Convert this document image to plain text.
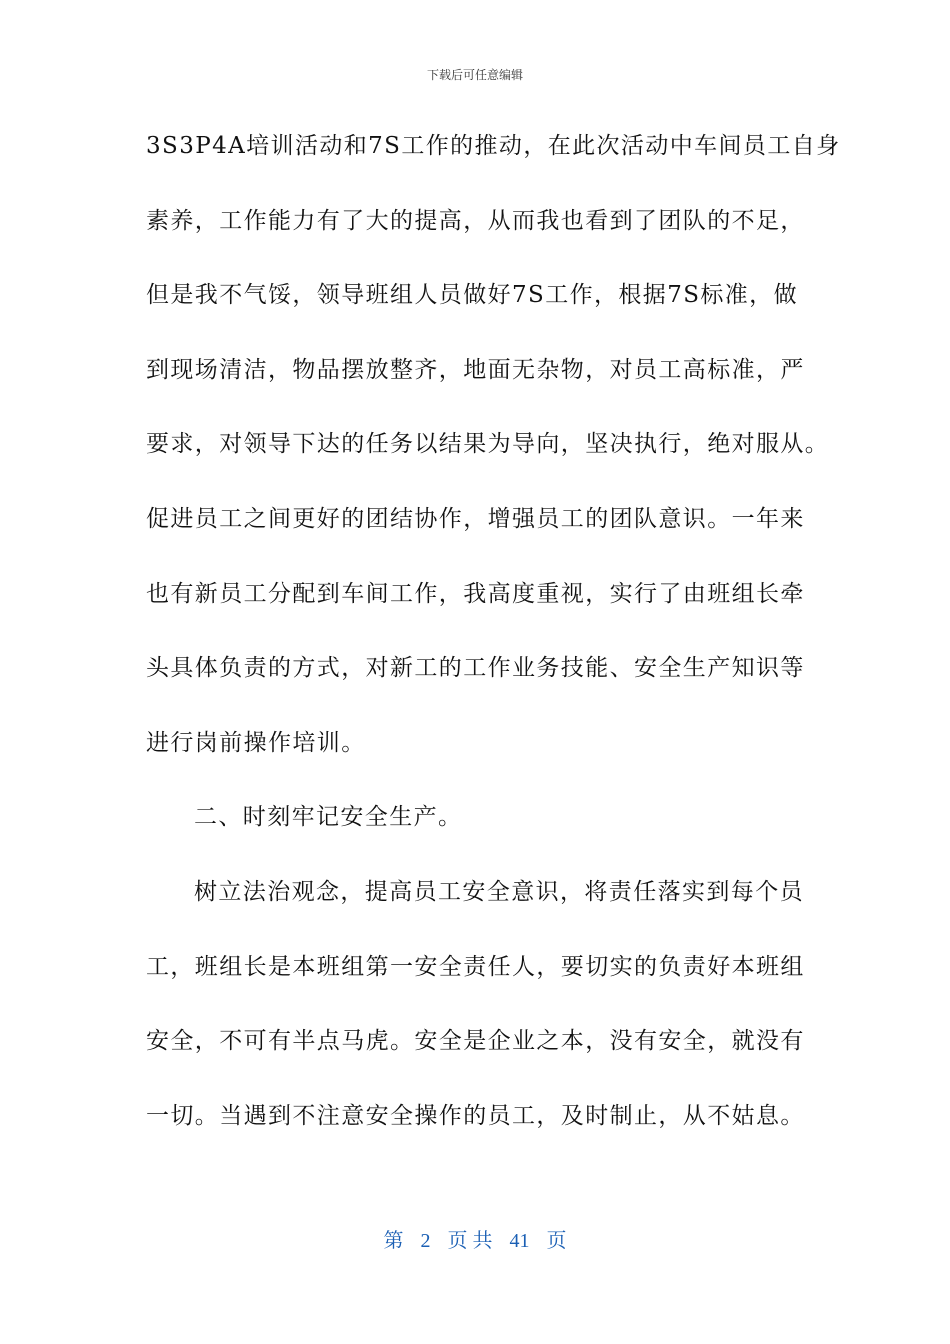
下载后可任意编辑
3S3P4A培训活动和7S工作的推动，在此次活动中车间员工自身
素养，工作能力有了大的提高，从而我也看到了团队的不足，
但是我不气馁，领导班组人员做好7S工作，根据7S标准，做
到现场清洁，物品摆放整齐，地面无杂物，对员工高标准，严
要求，对领导下达的任务以结果为导向，坚决执行，绝对服从。
促进员工之间更好的团结协作，增强员工的团队意识。一年来
也有新员工分配到车间工作，我高度重视，实行了由班组长牵
头具体负责的方式，对新工的工作业务技能、安全生产知识等
进行岗前操作培训。
二、时刻牢记安全生产。
树立法治观念，提高员工安全意识，将责任落实到每个员
工，班组长是本班组第一安全责任人，要切实的负责好本班组
安全，不可有半点马虎。安全是企业之本，没有安全，就没有
一切。当遇到不注意安全操作的员工，及时制止，从不姑息。
第 2 页 共 41 页
